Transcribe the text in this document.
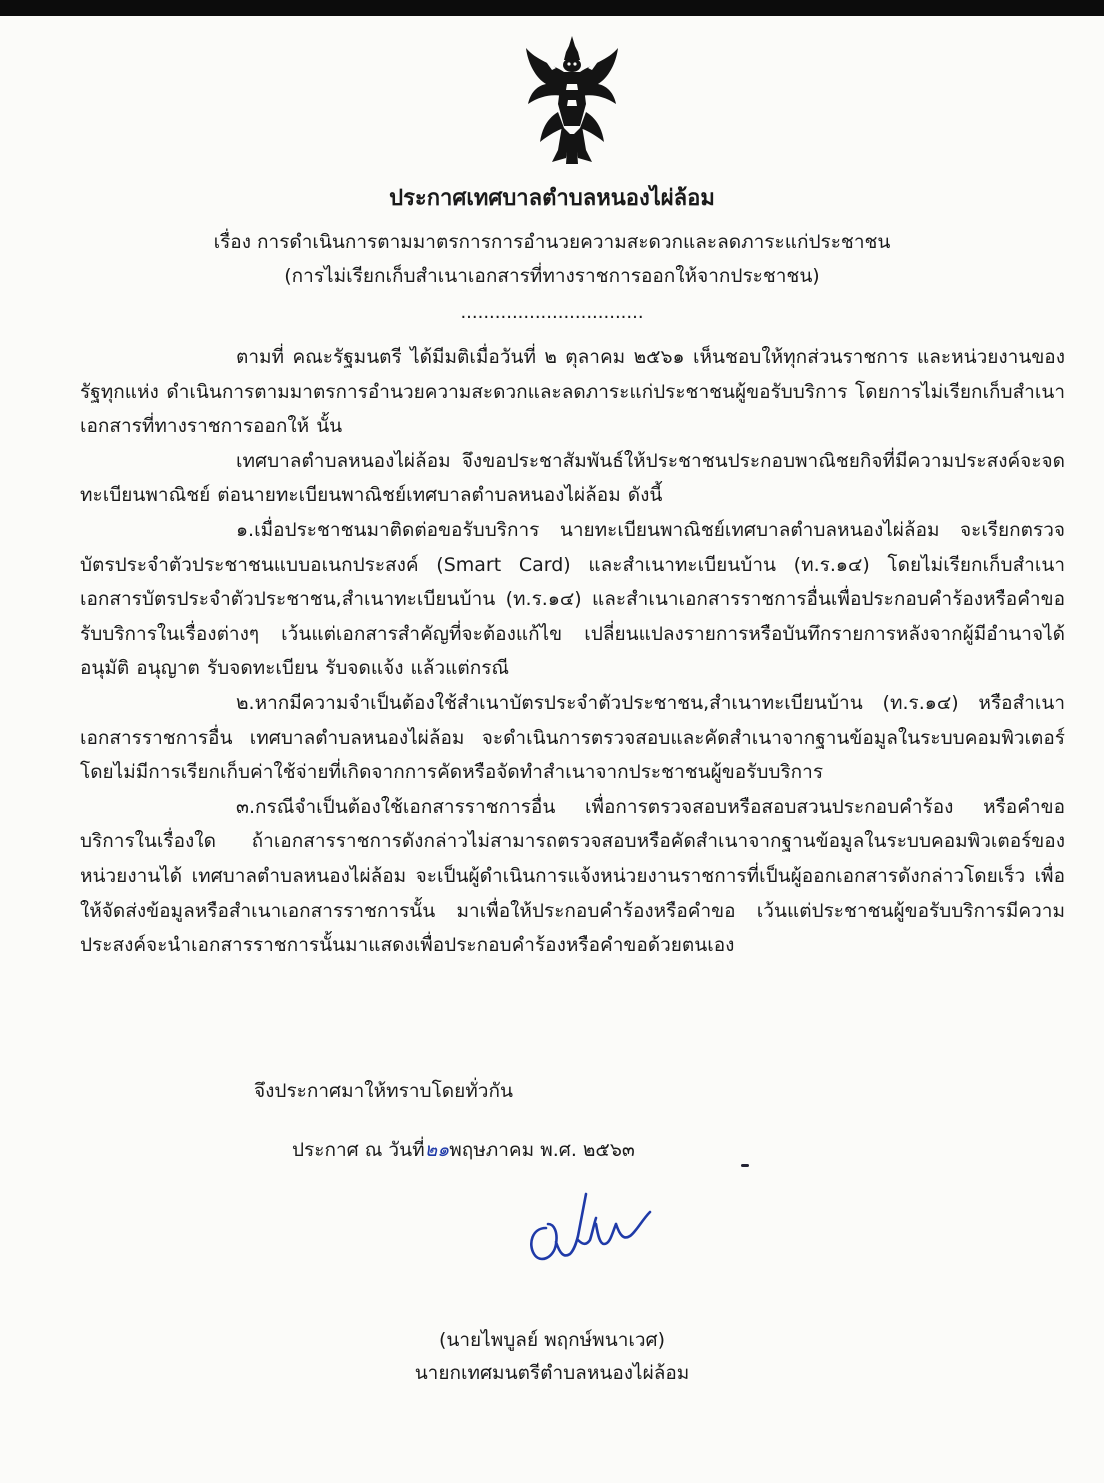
ประกาศเทศบาลตำบลหนองไผ่ล้อม
เรื่อง การดำเนินการตามมาตรการการอำนวยความสะดวกและลดภาระแก่ประชาชน
(การไม่เรียกเก็บสำเนาเอกสารที่ทางราชการออกให้จากประชาชน)
................................

ตามที่ คณะรัฐมนตรี ได้มีมติเมื่อวันที่ ๒ ตุลาคม ๒๕๖๑ เห็นชอบให้ทุกส่วนราชการ และหน่วยงานของรัฐทุกแห่ง ดำเนินการตามมาตรการอำนวยความสะดวกและลดภาระแก่ประชาชนผู้ขอรับบริการ โดยการไม่เรียกเก็บสำเนาเอกสารที่ทางราชการออกให้ นั้น

เทศบาลตำบลหนองไผ่ล้อม จึงขอประชาสัมพันธ์ให้ประชาชนประกอบพาณิชยกิจที่มีความประสงค์จะจดทะเบียนพาณิชย์ ต่อนายทะเบียนพาณิชย์เทศบาลตำบลหนองไผ่ล้อม ดังนี้

๑.เมื่อประชาชนมาติดต่อขอรับบริการ นายทะเบียนพาณิชย์เทศบาลตำบลหนองไผ่ล้อม จะเรียกตรวจบัตรประจำตัวประชาชนแบบอเนกประสงค์ (Smart Card) และสำเนาทะเบียนบ้าน (ท.ร.๑๔) โดยไม่เรียกเก็บสำเนาเอกสารบัตรประจำตัวประชาชน,สำเนาทะเบียนบ้าน (ท.ร.๑๔) และสำเนาเอกสารราชการอื่นเพื่อประกอบคำร้องหรือคำขอรับบริการในเรื่องต่างๆ เว้นแต่เอกสารสำคัญที่จะต้องแก้ไข เปลี่ยนแปลงรายการหรือบันทึกรายการหลังจากผู้มีอำนาจได้อนุมัติ อนุญาต รับจดทะเบียน รับจดแจ้ง แล้วแต่กรณี

๒.หากมีความจำเป็นต้องใช้สำเนาบัตรประจำตัวประชาชน,สำเนาทะเบียนบ้าน (ท.ร.๑๔) หรือสำเนาเอกสารราชการอื่น เทศบาลตำบลหนองไผ่ล้อม จะดำเนินการตรวจสอบและคัดสำเนาจากฐานข้อมูลในระบบคอมพิวเตอร์ โดยไม่มีการเรียกเก็บค่าใช้จ่ายที่เกิดจากการคัดหรือจัดทำสำเนาจากประชาชนผู้ขอรับบริการ

๓.กรณีจำเป็นต้องใช้เอกสารราชการอื่น เพื่อการตรวจสอบหรือสอบสวนประกอบคำร้อง หรือคำขอบริการในเรื่องใด ถ้าเอกสารราชการดังกล่าวไม่สามารถตรวจสอบหรือคัดสำเนาจากฐานข้อมูลในระบบคอมพิวเตอร์ของหน่วยงานได้ เทศบาลตำบลหนองไผ่ล้อม จะเป็นผู้ดำเนินการแจ้งหน่วยงานราชการที่เป็นผู้ออกเอกสารดังกล่าวโดยเร็ว เพื่อให้จัดส่งข้อมูลหรือสำเนาเอกสารราชการนั้น มาเพื่อให้ประกอบคำร้องหรือคำขอ เว้นแต่ประชาชนผู้ขอรับบริการมีความประสงค์จะนำเอกสารราชการนั้นมาแสดงเพื่อประกอบคำร้องหรือคำขอด้วยตนเอง

จึงประกาศมาให้ทราบโดยทั่วกัน
ประกาศ ณ วันที่๒๑พฤษภาคม พ.ศ. ๒๕๖๓
(นายไพบูลย์ พฤกษ์พนาเวศ)
นายกเทศมนตรีตำบลหนองไผ่ล้อม
